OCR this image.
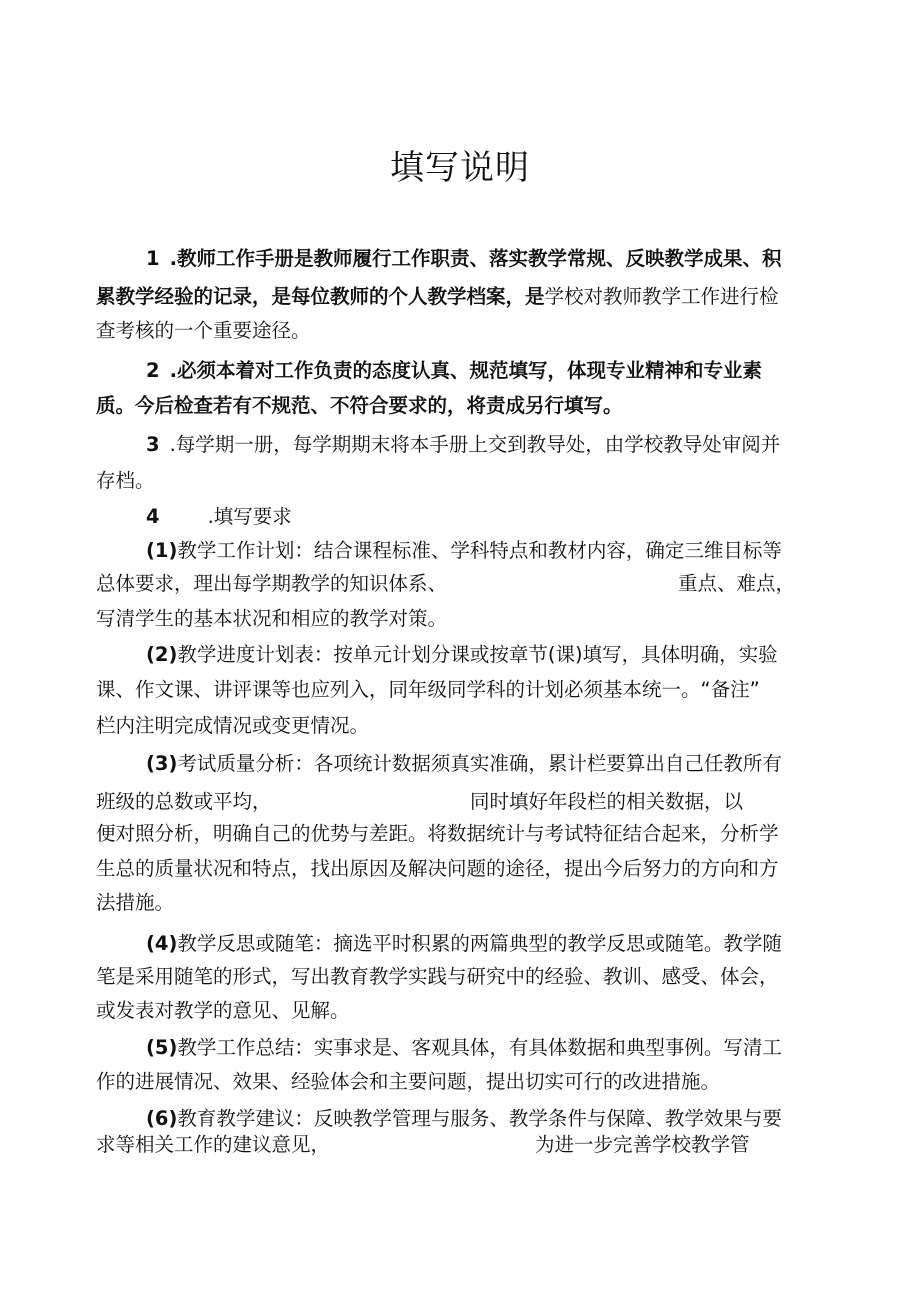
填写说明
1 .教师工作手册是教师履行工作职责、落实教学常规、反映教学成果、积
累教学经验的记录，是每位教师的个人教学档案，是学校对教师教学工作进行检
查考核的一个重要途径。
2 .必须本着对工作负责的态度认真、规范填写，体现专业精神和专业素
质。今后检查若有不规范、不符合要求的，将责成另行填写。
3 .每学期一册，每学期期末将本手册上交到教导处，由学校教导处审阅并
存档。
4 .填写要求
(1)教学工作计划：结合课程标准、学科特点和教材内容，确定三维目标等
总体要求，理出每学期教学的知识体系、	重点、难点，
写清学生的基本状况和相应的教学对策。
(2)教学进度计划表：按单元计划分课或按章节(课)填写，具体明确，实验
课、作文课、讲评课等也应列入，同年级同学科的计划必须基本统一。“备注”
栏内注明完成情况或变更情况。
(3)考试质量分析：各项统计数据须真实准确，累计栏要算出自己任教所有
班级的总数或平均，	同时填好年段栏的相关数据，以
便对照分析，明确自己的优势与差距。将数据统计与考试特征结合起来，分析学
生总的质量状况和特点，找出原因及解决问题的途径，提出今后努力的方向和方
法措施。
(4)教学反思或随笔：摘选平时积累的两篇典型的教学反思或随笔。教学随
笔是采用随笔的形式，写出教育教学实践与研究中的经验、教训、感受、体会，
或发表对教学的意见、见解。
(5)教学工作总结：实事求是、客观具体，有具体数据和典型事例。写清工
作的进展情况、效果、经验体会和主要问题，提出切实可行的改进措施。
(6)教育教学建议：反映教学管理与服务、教学条件与保障、教学效果与要
求等相关工作的建议意见，	为进一步完善学校教学管
